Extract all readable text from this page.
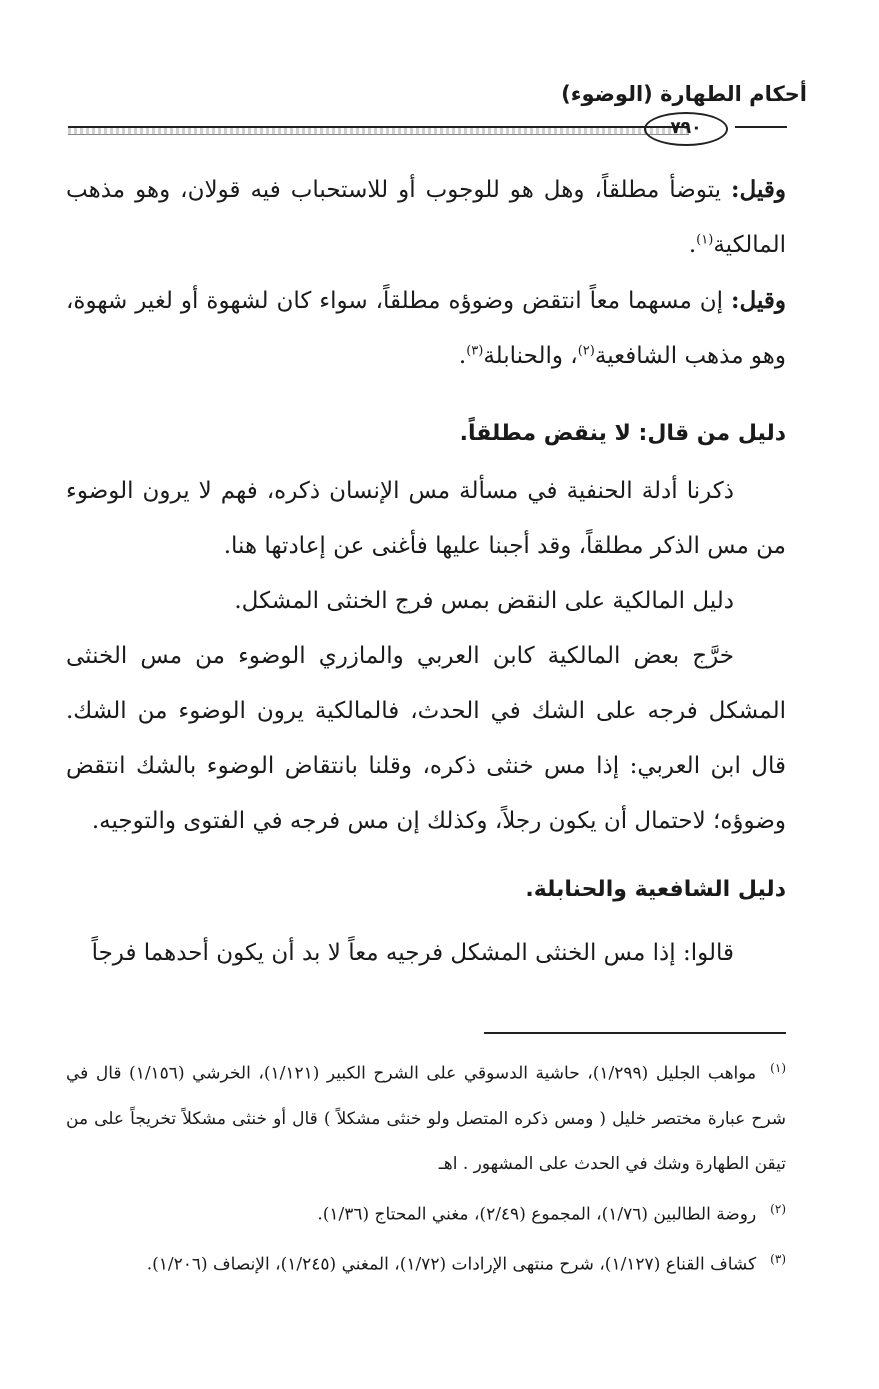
أحكام الطهارة (الوضوء)
٧٩٠

وقيل: يتوضأ مطلقاً، وهل هو للوجوب أو للاستحباب فيه قولان، وهو مذهب المالكية$^{(١)}$.

وقيل: إن مسهما معاً انتقض وضوؤه مطلقاً، سواء كان لشهوة أو لغير شهوة، وهو مذهب الشافعية$^{(٢)}$، والحنابلة$^{(٣)}$.

دليل من قال: لا ينقض مطلقاً.

ذكرنا أدلة الحنفية في مسألة مس الإنسان ذكره، فهم لا يرون الوضوء من مس الذكر مطلقاً، وقد أجبنا عليها فأغنى عن إعادتها هنا.

دليل المالكية على النقض بمس فرج الخنثى المشكل.

خرَّج بعض المالكية كابن العربي والمازري الوضوء من مس الخنثى المشكل فرجه على الشك في الحدث، فالمالكية يرون الوضوء من الشك. قال ابن العربي: إذا مس خنثى ذكره، وقلنا بانتقاض الوضوء بالشك انتقض وضوؤه؛ لاحتمال أن يكون رجلاً، وكذلك إن مس فرجه في الفتوى والتوجيه.

دليل الشافعية والحنابلة.

قالوا: إذا مس الخنثى المشكل فرجيه معاً لا بد أن يكون أحدهما فرجاً

$^{(١)}$مواهب الجليل (١/٢٩٩)، حاشية الدسوقي على الشرح الكبير (١/١٢١)، الخرشي (١/١٥٦) قال في شرح عبارة مختصر خليل ( ومس ذكره المتصل ولو خنثى مشكلاً ) قال أو خنثى مشكلاً تخريجاً على من تيقن الطهارة وشك في الحدث على المشهور . اهـ

$^{(٢)}$روضة الطالبين (١/٧٦)، المجموع (٢/٤٩)، مغني المحتاج (١/٣٦).

$^{(٣)}$كشاف القناع (١/١٢٧)، شرح منتهى الإرادات (١/٧٢)، المغني (١/٢٤٥)، الإنصاف (١/٢٠٦).
